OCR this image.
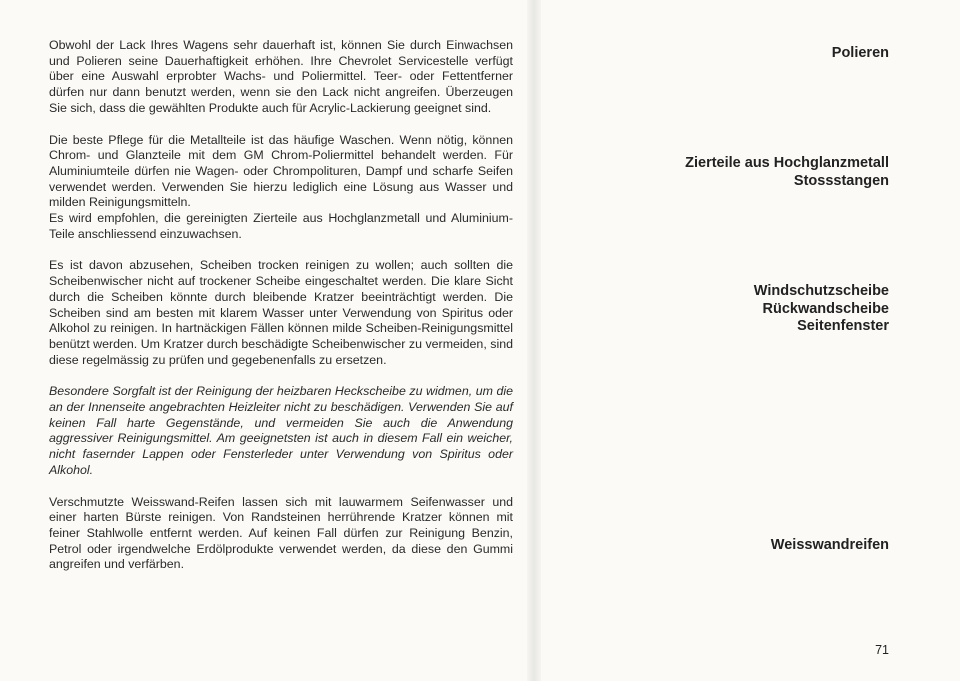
Obwohl der Lack Ihres Wagens sehr dauerhaft ist, können Sie durch Einwachsen und Polieren seine Dauerhaftigkeit erhöhen. Ihre Chevrolet Servicestelle verfügt über eine Auswahl erprobter Wachs- und Poliermittel. Teer- oder Fettentferner dürfen nur dann benutzt werden, wenn sie den Lack nicht angreifen. Überzeugen Sie sich, dass die gewählten Produkte auch für Acrylic-Lackierung geeignet sind.

Die beste Pflege für die Metallteile ist das häufige Waschen. Wenn nötig, können Chrom- und Glanzteile mit dem GM Chrom-Poliermittel behandelt werden. Für Aluminiumteile dürfen nie Wagen- oder Chrompolituren, Dampf und scharfe Seifen verwendet werden. Verwenden Sie hierzu lediglich eine Lösung aus Wasser und milden Reinigungsmitteln.

Es wird empfohlen, die gereinigten Zierteile aus Hochglanzmetall und Aluminium-Teile anschliessend einzuwachsen.

Es ist davon abzusehen, Scheiben trocken reinigen zu wollen; auch sollten die Scheibenwischer nicht auf trockener Scheibe eingeschaltet werden. Die klare Sicht durch die Scheiben könnte durch bleibende Kratzer beeinträchtigt werden. Die Scheiben sind am besten mit klarem Wasser unter Verwendung von Spiritus oder Alkohol zu reinigen. In hartnäckigen Fällen können milde Scheiben-Reinigungsmittel benützt werden. Um Kratzer durch beschädigte Scheibenwischer zu vermeiden, sind diese regelmässig zu prüfen und gegebenenfalls zu ersetzen.

Besondere Sorgfalt ist der Reinigung der heizbaren Heckscheibe zu widmen, um die an der Innenseite angebrachten Heizleiter nicht zu beschädigen. Verwenden Sie auf keinen Fall harte Gegenstände, und vermeiden Sie auch die Anwendung aggressiver Reinigungsmittel. Am geeignetsten ist auch in diesem Fall ein weicher, nicht fasernder Lappen oder Fensterleder unter Verwendung von Spiritus oder Alkohol.

Verschmutzte Weisswand-Reifen lassen sich mit lauwarmem Seifenwasser und einer harten Bürste reinigen. Von Randsteinen herrührende Kratzer können mit feiner Stahlwolle entfernt werden. Auf keinen Fall dürfen zur Reinigung Benzin, Petrol oder irgendwelche Erdölprodukte verwendet werden, da diese den Gummi angreifen und verfärben.

Polieren
Zierteile aus Hochglanzmetall
Stossstangen
Windschutzscheibe
Rückwandscheibe
Seitenfenster
Weisswandreifen
71
